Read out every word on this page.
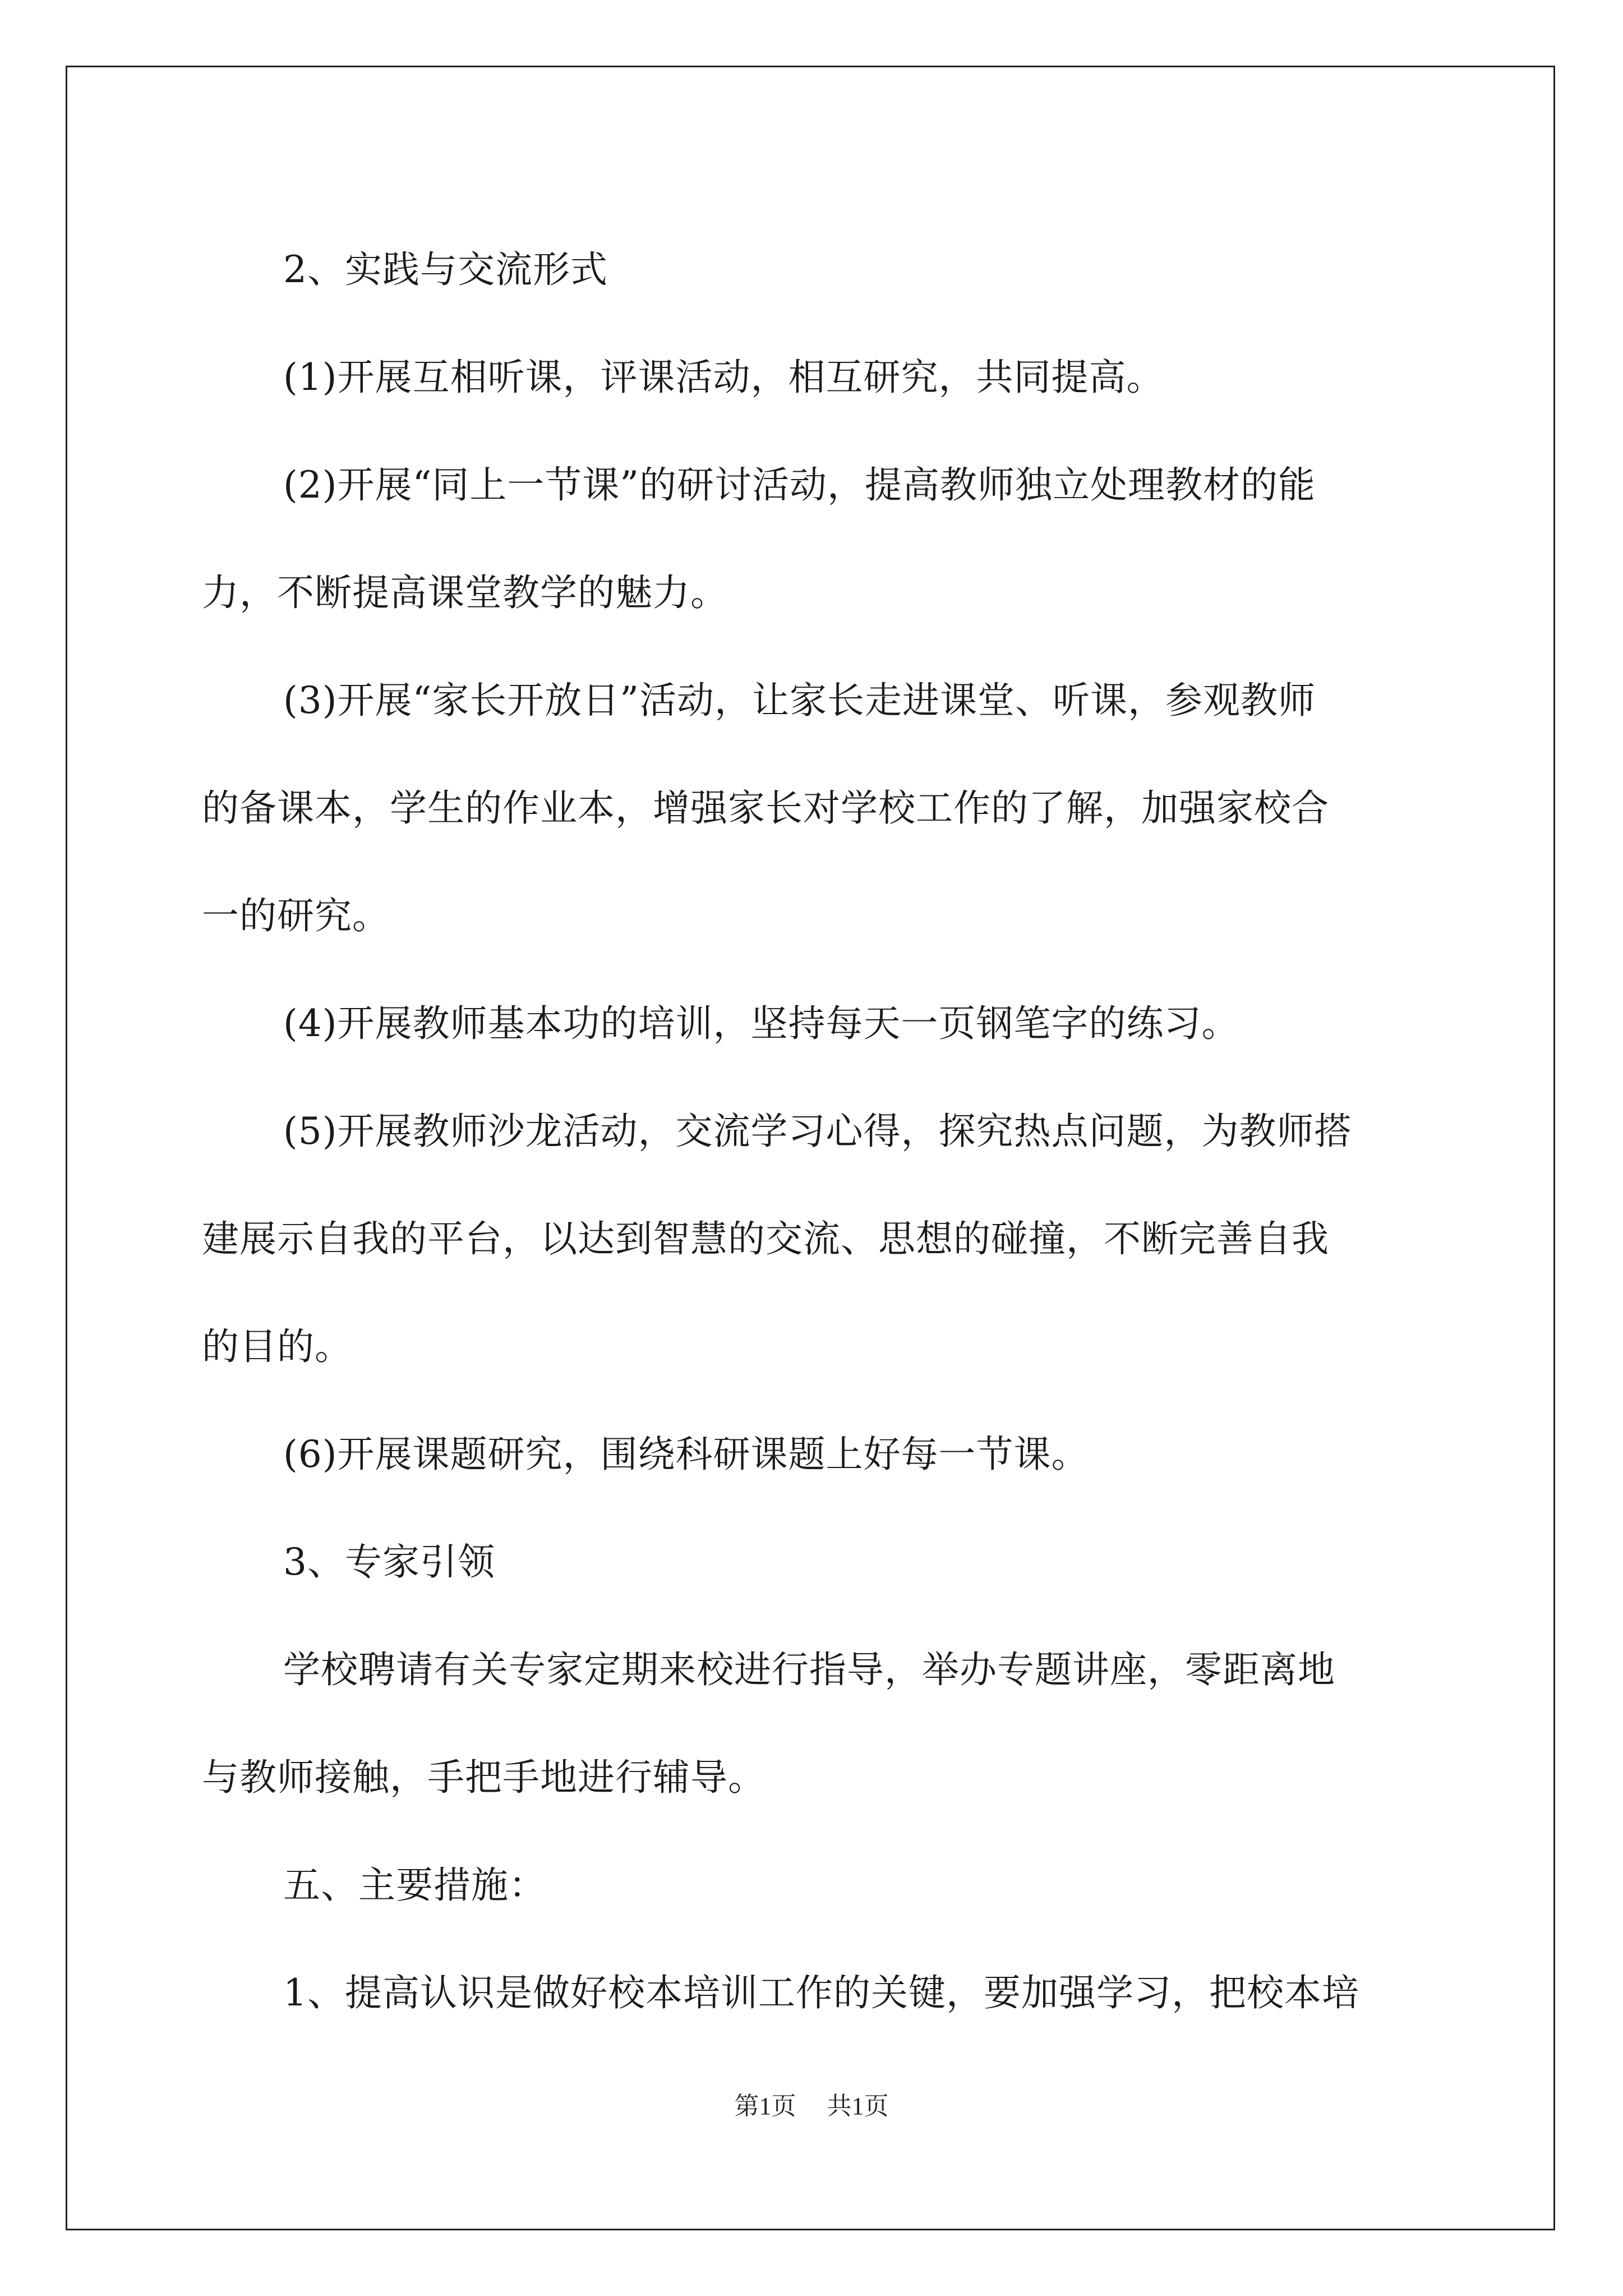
2、实践与交流形式

(1)开展互相听课，评课活动，相互研究，共同提高。

(2)开展“同上一节课”的研讨活动，提高教师独立处理教材的能

力，不断提高课堂教学的魅力。

(3)开展“家长开放日”活动，让家长走进课堂、听课，参观教师

的备课本，学生的作业本，增强家长对学校工作的了解，加强家校合

一的研究。

(4)开展教师基本功的培训，坚持每天一页钢笔字的练习。

(5)开展教师沙龙活动，交流学习心得，探究热点问题，为教师搭

建展示自我的平台，以达到智慧的交流、思想的碰撞，不断完善自我

的目的。

(6)开展课题研究，围绕科研课题上好每一节课。

3、专家引领

学校聘请有关专家定期来校进行指导，举办专题讲座，零距离地

与教师接触，手把手地进行辅导。

五、主要措施：

1、提高认识是做好校本培训工作的关键，要加强学习，把校本培

第1页 共1页
